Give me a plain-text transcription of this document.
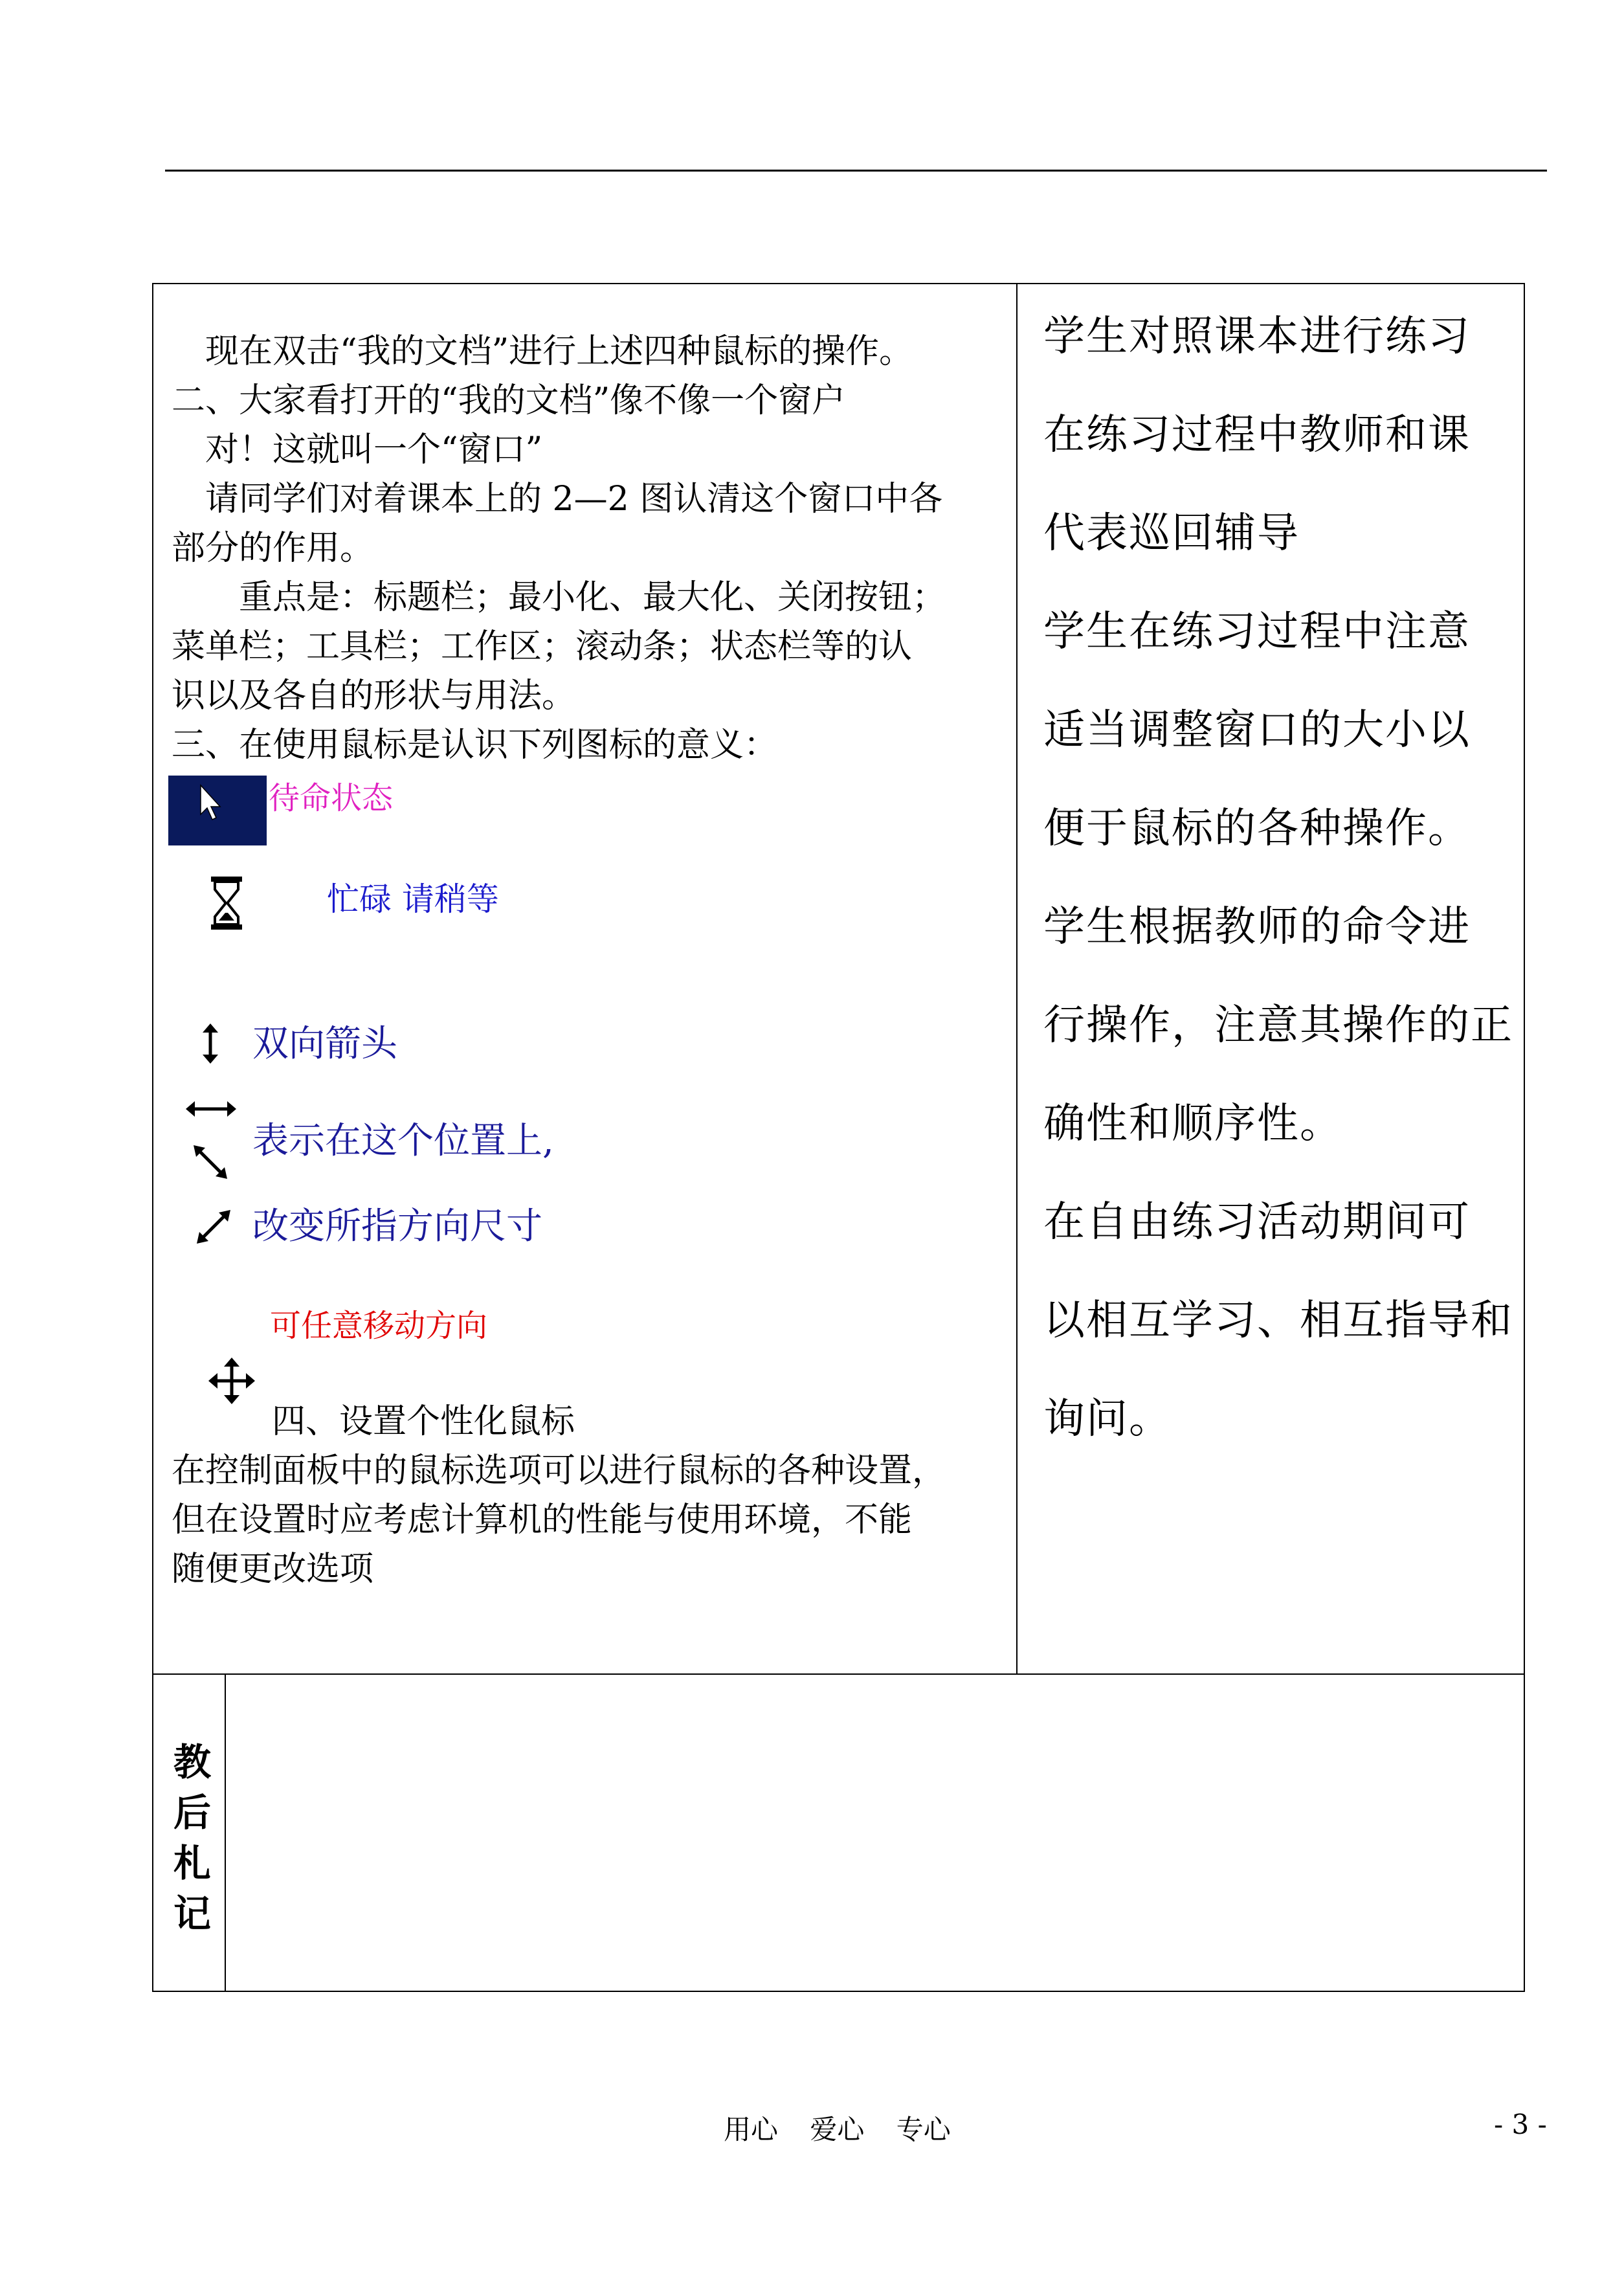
　现在双击“我的文档”进行上述四种鼠标的操作。
二、大家看打开的“我的文档”像不像一个窗户
　对！这就叫一个“窗口”
　请同学们对着课本上的 2—2 图认清这个窗口中各
部分的作用。
　　重点是：标题栏；最小化、最大化、关闭按钮；
菜单栏；工具栏；工作区；滚动条；状态栏等的认
识以及各自的形状与用法。
三、在使用鼠标是认识下列图标的意义：
待命状态
忙碌 请稍等
双向箭头
表示在这个位置上,
改变所指方向尺寸
可任意移动方向
四、设置个性化鼠标
在控制面板中的鼠标选项可以进行鼠标的各种设置，
但在设置时应考虑计算机的性能与使用环境，不能
随便更改选项
学生对照课本进行练习
在练习过程中教师和课
代表巡回辅导
学生在练习过程中注意
适当调整窗口的大小以
便于鼠标的各种操作。
学生根据教师的命令进
行操作，注意其操作的正
确性和顺序性。
在自由练习活动期间可
以相互学习、相互指导和
询问。
教
后
札
记
用心 爱心 专心	- 3 -
